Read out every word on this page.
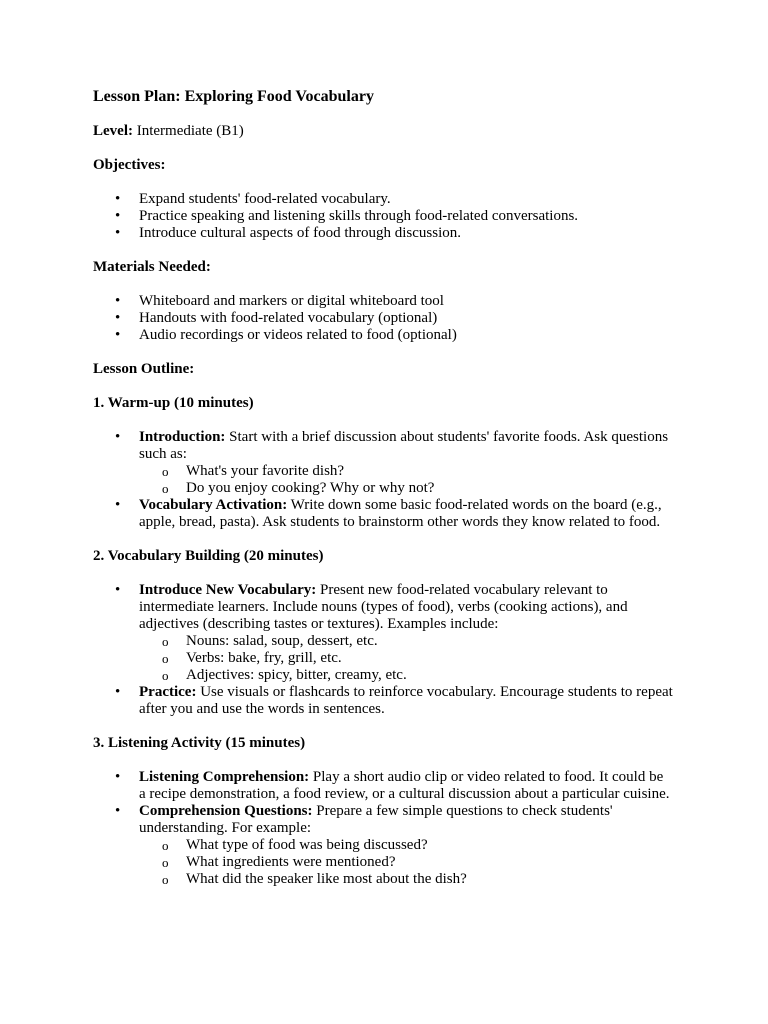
Lesson Plan: Exploring Food Vocabulary
Level: Intermediate (B1)
Objectives:
• Expand students' food-related vocabulary.
• Practice speaking and listening skills through food-related conversations.
• Introduce cultural aspects of food through discussion.
Materials Needed:
• Whiteboard and markers or digital whiteboard tool
• Handouts with food-related vocabulary (optional)
• Audio recordings or videos related to food (optional)
Lesson Outline:
1. Warm-up (10 minutes)
• Introduction: Start with a brief discussion about students' favorite foods. Ask questions such as:
o What's your favorite dish?
o Do you enjoy cooking? Why or why not?
• Vocabulary Activation: Write down some basic food-related words on the board (e.g., apple, bread, pasta). Ask students to brainstorm other words they know related to food.
2. Vocabulary Building (20 minutes)
• Introduce New Vocabulary: Present new food-related vocabulary relevant to intermediate learners. Include nouns (types of food), verbs (cooking actions), and adjectives (describing tastes or textures). Examples include:
o Nouns: salad, soup, dessert, etc.
o Verbs: bake, fry, grill, etc.
o Adjectives: spicy, bitter, creamy, etc.
• Practice: Use visuals or flashcards to reinforce vocabulary. Encourage students to repeat after you and use the words in sentences.
3. Listening Activity (15 minutes)
• Listening Comprehension: Play a short audio clip or video related to food. It could be a recipe demonstration, a food review, or a cultural discussion about a particular cuisine.
• Comprehension Questions: Prepare a few simple questions to check students' understanding. For example:
o What type of food was being discussed?
o What ingredients were mentioned?
o What did the speaker like most about the dish?
